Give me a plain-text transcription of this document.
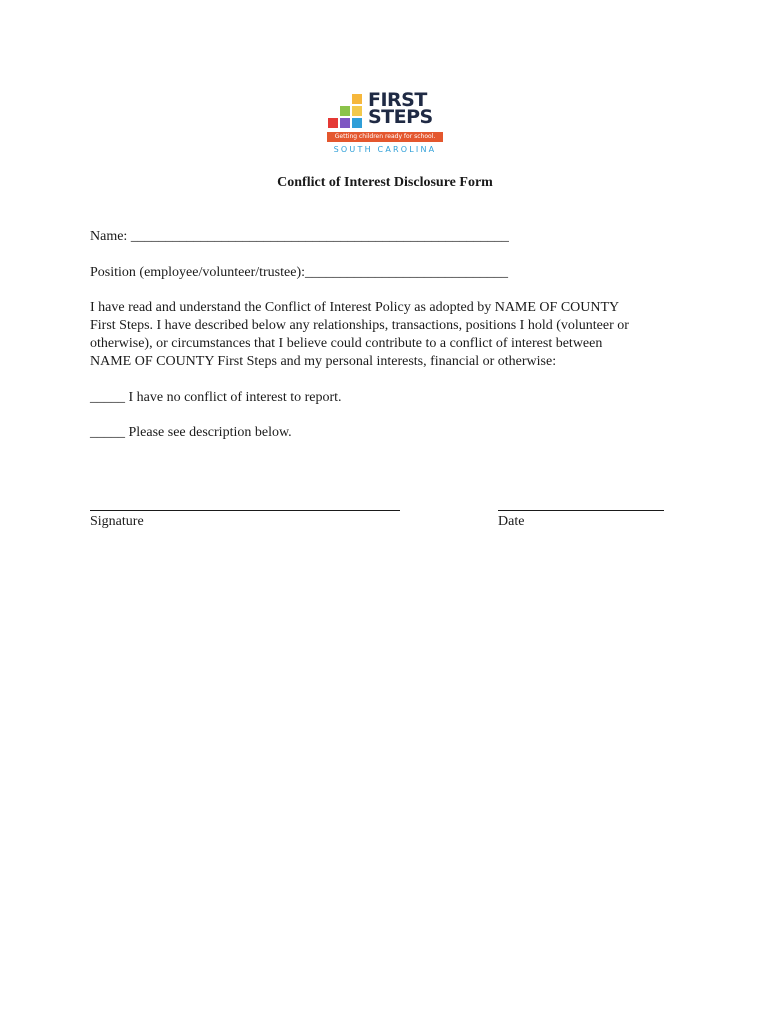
FIRST
STEPS
Getting children ready for school.
SOUTH CAROLINA
Conflict of Interest Disclosure Form
Name: ______________________________________________________
Position (employee/volunteer/trustee):_____________________________
I have read and understand the Conflict of Interest Policy as adopted by NAME OF COUNTY
First Steps. I have described below any relationships, transactions, positions I hold (volunteer or
otherwise), or circumstances that I believe could contribute to a conflict of interest between
NAME OF COUNTY First Steps and my personal interests, financial or otherwise:
_____ I have no conflict of interest to report.
_____ Please see description below.
Signature	Date
